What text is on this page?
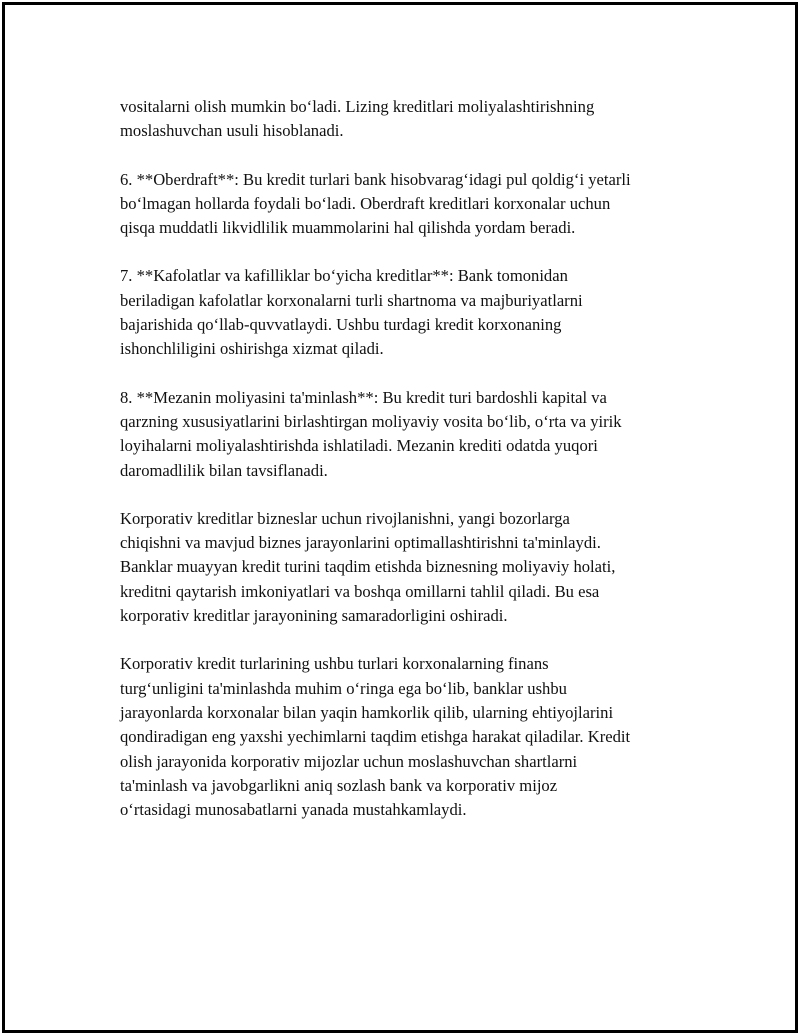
vositalarni olish mumkin boʻladi. Lizing kreditlari moliyalashtirishning
moslashuvchan usuli hisoblanadi.

6. **Oberdraft**: Bu kredit turlari bank hisobvaragʻidagi pul qoldigʻi yetarli
boʻlmagan hollarda foydali boʻladi. Oberdraft kreditlari korxonalar uchun
qisqa muddatli likvidlilik muammolarini hal qilishda yordam beradi.

7. **Kafolatlar va kafilliklar boʻyicha kreditlar**: Bank tomonidan
beriladigan kafolatlar korxonalarni turli shartnoma va majburiyatlarni
bajarishida qoʻllab-quvvatlaydi. Ushbu turdagi kredit korxonaning
ishonchliligini oshirishga xizmat qiladi.

8. **Mezanin moliyasini ta'minlash**: Bu kredit turi bardoshli kapital va
qarzning xususiyatlarini birlashtirgan moliyaviy vosita boʻlib, oʻrta va yirik
loyihalarni moliyalashtirishda ishlatiladi. Mezanin krediti odatda yuqori
daromadlilik bilan tavsiflanadi.

Korporativ kreditlar bizneslar uchun rivojlanishni, yangi bozorlarga
chiqishni va mavjud biznes jarayonlarini optimallashtirishni ta'minlaydi.
Banklar muayyan kredit turini taqdim etishda biznesning moliyaviy holati,
kreditni qaytarish imkoniyatlari va boshqa omillarni tahlil qiladi. Bu esa
korporativ kreditlar jarayonining samaradorligini oshiradi.

Korporativ kredit turlarining ushbu turlari korxonalarning finans
turgʻunligini ta'minlashda muhim oʻringa ega boʻlib, banklar ushbu
jarayonlarda korxonalar bilan yaqin hamkorlik qilib, ularning ehtiyojlarini
qondiradigan eng yaxshi yechimlarni taqdim etishga harakat qiladilar. Kredit
olish jarayonida korporativ mijozlar uchun moslashuvchan shartlarni
ta'minlash va javobgarlikni aniq sozlash bank va korporativ mijoz
oʻrtasidagi munosabatlarni yanada mustahkamlaydi.
